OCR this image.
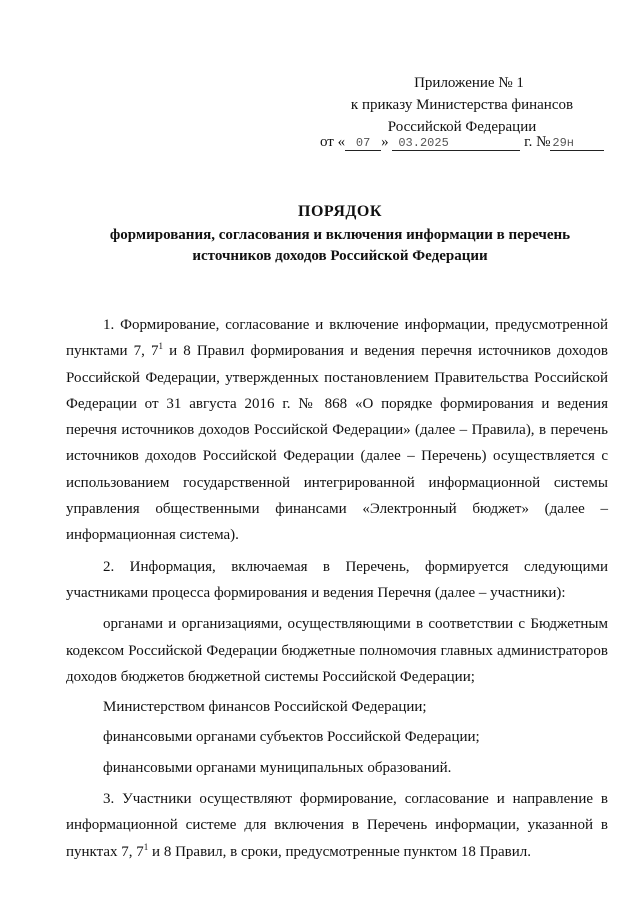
Приложение № 1
к приказу Министерства финансов
Российской Федерации
от « 07 » 03.2025	г. № 29н
ПОРЯДОК
формирования, согласования и включения информации в перечень
источников доходов Российской Федерации

1. Формирование, согласование и включение информации, предусмотренной пунктами 7, $7^1$ и 8 Правил формирования и ведения перечня источников доходов Российской Федерации, утвержденных постановлением Правительства Российской Федерации от 31 августа 2016 г. № 868 «О порядке формирования и ведения перечня источников доходов Российской Федерации» (далее – Правила), в перечень источников доходов Российской Федерации (далее – Перечень) осуществляется с использованием государственной интегрированной информационной системы управления общественными финансами «Электронный бюджет» (далее – информационная система).

2. Информация, включаемая в Перечень, формируется следующими участниками процесса формирования и ведения Перечня (далее – участники):

органами и организациями, осуществляющими в соответствии с Бюджетным кодексом Российской Федерации бюджетные полномочия главных администраторов доходов бюджетов бюджетной системы Российской Федерации;

Министерством финансов Российской Федерации;

финансовыми органами субъектов Российской Федерации;

финансовыми органами муниципальных образований.

3. Участники осуществляют формирование, согласование и направление в информационной системе для включения в Перечень информации, указанной в пунктах 7, $7^1$ и 8 Правил, в сроки, предусмотренные пунктом 18 Правил.
